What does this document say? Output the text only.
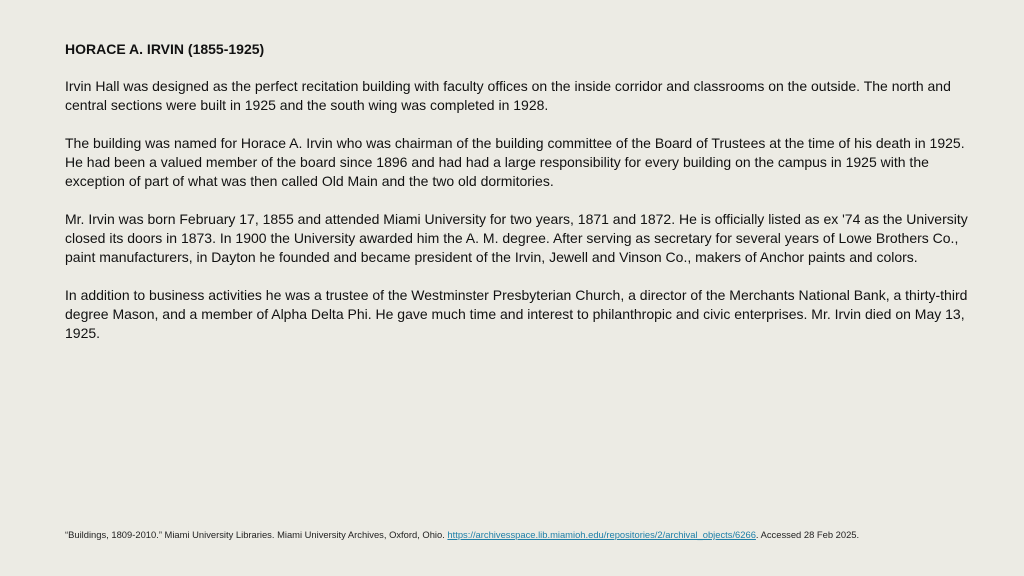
HORACE A. IRVIN (1855-1925)

Irvin Hall was designed as the perfect recitation building with faculty offices on the inside corridor and classrooms on the outside. The north and central sections were built in 1925 and the south wing was completed in 1928.

The building was named for Horace A. Irvin who was chairman of the building committee of the Board of Trustees at the time of his death in 1925. He had been a valued member of the board since 1896 and had had a large responsibility for every building on the campus in 1925 with the exception of part of what was then called Old Main and the two old dormitories.

Mr. Irvin was born February 17, 1855 and attended Miami University for two years, 1871 and 1872. He is officially listed as ex '74 as the University closed its doors in 1873. In 1900 the University awarded him the A. M. degree. After serving as secretary for several years of Lowe Brothers Co., paint manufacturers, in Dayton he founded and became president of the Irvin, Jewell and Vinson Co., makers of Anchor paints and colors.

In addition to business activities he was a trustee of the Westminster Presbyterian Church, a director of the Merchants National Bank, a thirty-third degree Mason, and a member of Alpha Delta Phi. He gave much time and interest to philanthropic and civic enterprises. Mr. Irvin died on May 13, 1925.

“Buildings, 1809-2010.” Miami University Libraries. Miami University Archives, Oxford, Ohio. https://archivesspace.lib.miamioh.edu/repositories/2/archival_objects/6266. Accessed 28 Feb 2025.
